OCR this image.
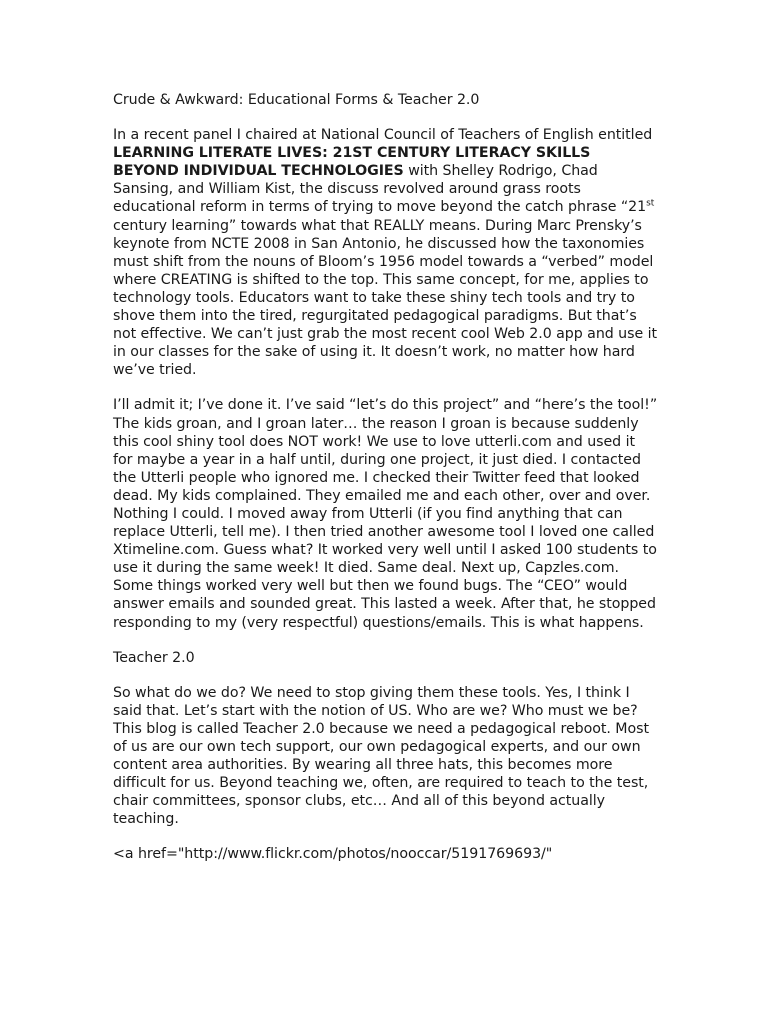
Crude & Awkward: Educational Forms & Teacher 2.0

In a recent panel I chaired at National Council of Teachers of English entitled LEARNING LITERATE LIVES: 21ST CENTURY LITERACY SKILLS BEYOND INDIVIDUAL TECHNOLOGIES with Shelley Rodrigo, Chad Sansing, and William Kist, the discuss revolved around grass roots educational reform in terms of trying to move beyond the catch phrase “21st century learning” towards what that REALLY means. During Marc Prensky’s keynote from NCTE 2008 in San Antonio, he discussed how the taxonomies must shift from the nouns of Bloom’s 1956 model towards a “verbed” model where CREATING is shifted to the top. This same concept, for me, applies to technology tools. Educators want to take these shiny tech tools and try to shove them into the tired, regurgitated pedagogical paradigms. But that’s not effective. We can’t just grab the most recent cool Web 2.0 app and use it in our classes for the sake of using it. It doesn’t work, no matter how hard we’ve tried.

I’ll admit it; I’ve done it. I’ve said “let’s do this project” and “here’s the tool!” The kids groan, and I groan later… the reason I groan is because suddenly this cool shiny tool does NOT work! We use to love utterli.com and used it for maybe a year in a half until, during one project, it just died. I contacted the Utterli people who ignored me. I checked their Twitter feed that looked dead. My kids complained. They emailed me and each other, over and over. Nothing I could. I moved away from Utterli (if you find anything that can replace Utterli, tell me). I then tried another awesome tool I loved one called Xtimeline.com. Guess what? It worked very well until I asked 100 students to use it during the same week! It died. Same deal. Next up, Capzles.com. Some things worked very well but then we found bugs. The “CEO” would answer emails and sounded great. This lasted a week. After that, he stopped responding to my (very respectful) questions/emails. This is what happens.

Teacher 2.0

So what do we do? We need to stop giving them these tools. Yes, I think I said that. Let’s start with the notion of US. Who are we? Who must we be? This blog is called Teacher 2.0 because we need a pedagogical reboot. Most of us are our own tech support, our own pedagogical experts, and our own content area authorities. By wearing all three hats, this becomes more difficult for us. Beyond teaching we, often, are required to teach to the test, chair committees, sponsor clubs, etc… And all of this beyond actually teaching.

<a href="http://www.flickr.com/photos/nooccar/5191769693/"
